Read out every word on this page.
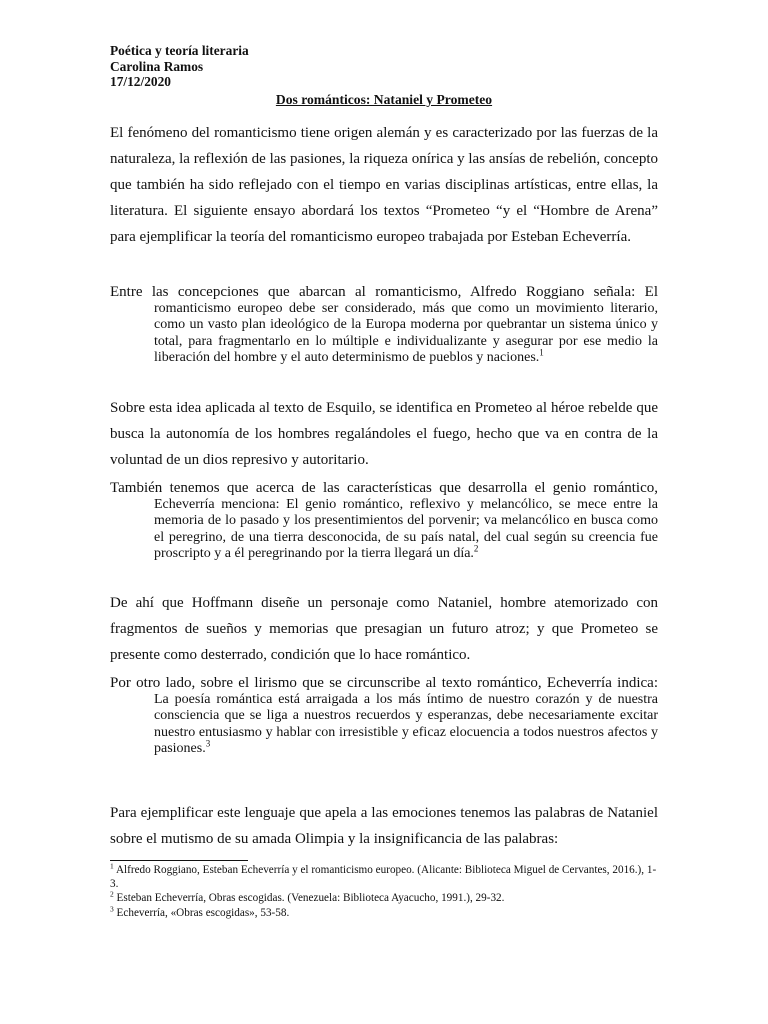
Poética y teoría literaria
Carolina Ramos
17/12/2020
Dos románticos: Nataniel y Prometeo
El fenómeno del romanticismo tiene origen alemán y es caracterizado por las fuerzas de la naturaleza, la reflexión de las pasiones, la riqueza onírica y las ansías de rebelión, concepto que también ha sido reflejado con el tiempo en varias disciplinas artísticas, entre ellas, la literatura. El siguiente ensayo abordará los textos “Prometeo “y el “Hombre de Arena” para ejemplificar la teoría del romanticismo europeo trabajada por Esteban Echeverría.
Entre las concepciones que abarcan al romanticismo, Alfredo Roggiano señala: El
romanticismo europeo debe ser considerado, más que como un movimiento literario, como un vasto plan ideológico de la Europa moderna por quebrantar un sistema único y total, para fragmentarlo en lo múltiple e individualizante y asegurar por ese medio la liberación del hombre y el auto determinismo de pueblos y naciones.$^1$
Sobre esta idea aplicada al texto de Esquilo, se identifica en Prometeo al héroe rebelde que busca la autonomía de los hombres regalándoles el fuego, hecho que va en contra de la voluntad de un dios represivo y autoritario.
También tenemos que acerca de las características que desarrolla el genio romántico,
Echeverría menciona: El genio romántico, reflexivo y melancólico, se mece entre la memoria de lo pasado y los presentimientos del porvenir; va melancólico en busca como el peregrino, de una tierra desconocida, de su país natal, del cual según su creencia fue proscripto y a él peregrinando por la tierra llegará un día.$^2$
De ahí que Hoffmann diseñe un personaje como Nataniel, hombre atemorizado con fragmentos de sueños y memorias que presagian un futuro atroz; y que Prometeo se presente como desterrado, condición que lo hace romántico.
Por otro lado, sobre el lirismo que se circunscribe al texto romántico, Echeverría indica:
La poesía romántica está arraigada a los más íntimo de nuestro corazón y de nuestra consciencia que se liga a nuestros recuerdos y esperanzas, debe necesariamente excitar nuestro entusiasmo y hablar con irresistible y eficaz elocuencia a todos nuestros afectos y pasiones.$^3$
Para ejemplificar este lenguaje que apela a las emociones tenemos las palabras de Nataniel sobre el mutismo de su amada Olimpia y la insignificancia de las palabras:
$^1$ Alfredo Roggiano, Esteban Echeverría y el romanticismo europeo. (Alicante: Biblioteca Miguel de Cervantes, 2016.), 1-3.
$^2$ Esteban Echeverría, Obras escogidas. (Venezuela: Biblioteca Ayacucho, 1991.), 29-32.
$^3$ Echeverría, «Obras escogidas», 53-58.
